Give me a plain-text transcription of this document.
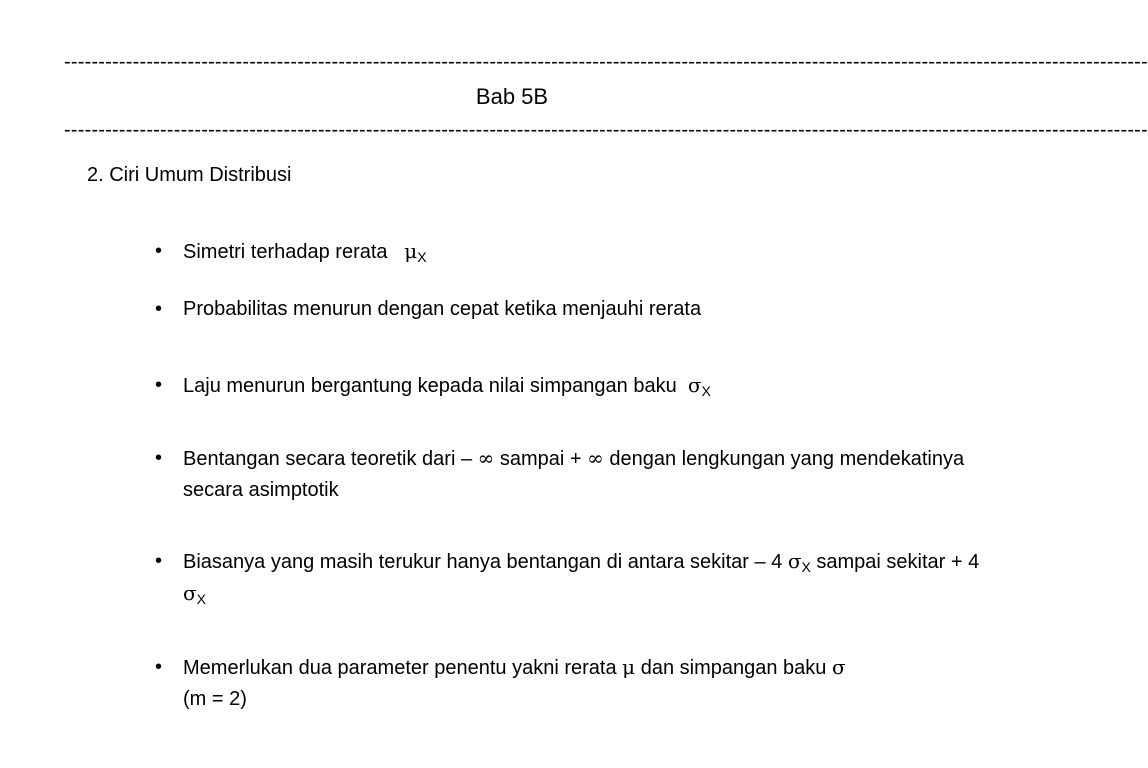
--------------------------------------------------------------------------------------------------------------------------------------------------------------
Bab 5B
--------------------------------------------------------------------------------------------------------------------------------------------------------------
2. Ciri Umum Distribusi
•	Simetri terhadap rerata $\mu_X$
•	Probabilitas menurun dengan cepat ketika menjauhi rerata
•	Laju menurun bergantung kepada nilai simpangan baku $\sigma_X$
•	Bentangan secara teoretik dari – ∞ sampai + ∞ dengan lengkungan yang mendekatinya secara asimptotik
•	Biasanya yang masih terukur hanya bentangan di antara sekitar – 4 $\sigma_X$ sampai sekitar + 4 $\sigma_X$
•	Memerlukan dua parameter penentu yakni rerata μ dan simpangan baku σ
(m = 2)
